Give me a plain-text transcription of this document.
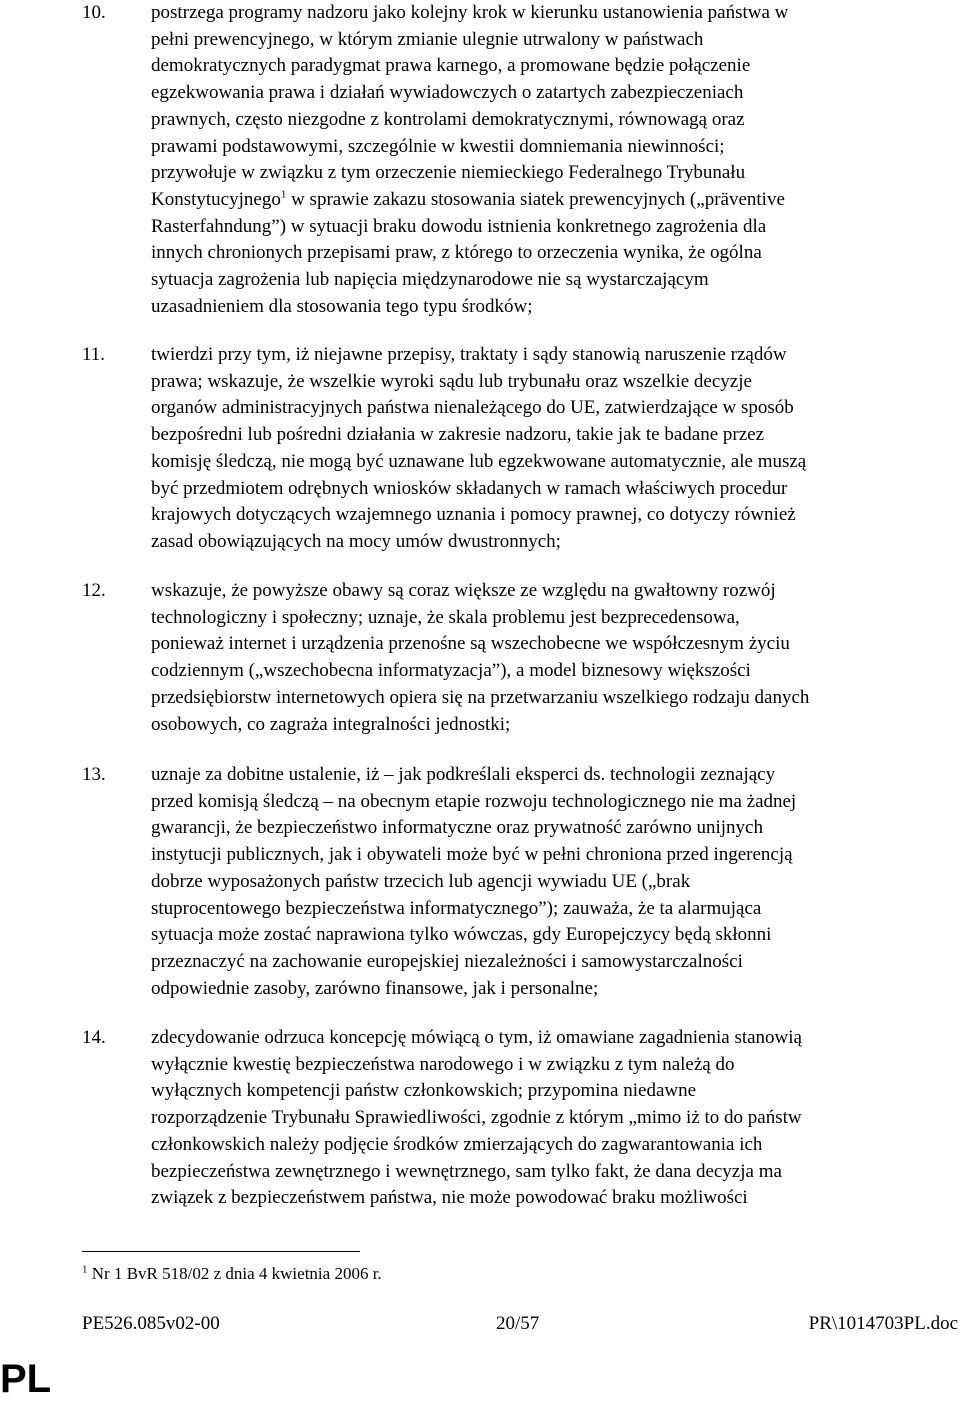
10. postrzega programy nadzoru jako kolejny krok w kierunku ustanowienia państwa w
pełni prewencyjnego, w którym zmianie ulegnie utrwalony w państwach
demokratycznych paradygmat prawa karnego, a promowane będzie połączenie
egzekwowania prawa i działań wywiadowczych o zatartych zabezpieczeniach
prawnych, często niezgodne z kontrolami demokratycznymi, równowagą oraz
prawami podstawowymi, szczególnie w kwestii domniemania niewinności;
przywołuje w związku z tym orzeczenie niemieckiego Federalnego Trybunału
Konstytucyjnego$^1$ w sprawie zakazu stosowania siatek prewencyjnych („präventive
Rasterfahndung”) w sytuacji braku dowodu istnienia konkretnego zagrożenia dla
innych chronionych przepisami praw, z którego to orzeczenia wynika, że ogólna
sytuacja zagrożenia lub napięcia międzynarodowe nie są wystarczającym
uzasadnieniem dla stosowania tego typu środków;
11. twierdzi przy tym, iż niejawne przepisy, traktaty i sądy stanowią naruszenie rządów
prawa; wskazuje, że wszelkie wyroki sądu lub trybunału oraz wszelkie decyzje
organów administracyjnych państwa nienależącego do UE, zatwierdzające w sposób
bezpośredni lub pośredni działania w zakresie nadzoru, takie jak te badane przez
komisję śledczą, nie mogą być uznawane lub egzekwowane automatycznie, ale muszą
być przedmiotem odrębnych wniosków składanych w ramach właściwych procedur
krajowych dotyczących wzajemnego uznania i pomocy prawnej, co dotyczy również
zasad obowiązujących na mocy umów dwustronnych;
12. wskazuje, że powyższe obawy są coraz większe ze względu na gwałtowny rozwój
technologiczny i społeczny; uznaje, że skala problemu jest bezprecedensowa,
ponieważ internet i urządzenia przenośne są wszechobecne we współczesnym życiu
codziennym („wszechobecna informatyzacja”), a model biznesowy większości
przedsiębiorstw internetowych opiera się na przetwarzaniu wszelkiego rodzaju danych
osobowych, co zagraża integralności jednostki;
13. uznaje za dobitne ustalenie, iż – jak podkreślali eksperci ds. technologii zeznający
przed komisją śledczą – na obecnym etapie rozwoju technologicznego nie ma żadnej
gwarancji, że bezpieczeństwo informatyczne oraz prywatność zarówno unijnych
instytucji publicznych, jak i obywateli może być w pełni chroniona przed ingerencją
dobrze wyposażonych państw trzecich lub agencji wywiadu UE („brak
stuprocentowego bezpieczeństwa informatycznego”); zauważa, że ta alarmująca
sytuacja może zostać naprawiona tylko wówczas, gdy Europejczycy będą skłonni
przeznaczyć na zachowanie europejskiej niezależności i samowystarczalności
odpowiednie zasoby, zarówno finansowe, jak i personalne;
14. zdecydowanie odrzuca koncepcję mówiącą o tym, iż omawiane zagadnienia stanowią
wyłącznie kwestię bezpieczeństwa narodowego i w związku z tym należą do
wyłącznych kompetencji państw członkowskich; przypomina niedawne
rozporządzenie Trybunału Sprawiedliwości, zgodnie z którym „mimo iż to do państw
członkowskich należy podjęcie środków zmierzających do zagwarantowania ich
bezpieczeństwa zewnętrznego i wewnętrznego, sam tylko fakt, że dana decyzja ma
związek z bezpieczeństwem państwa, nie może powodować braku możliwości
$^1$ Nr 1 BvR 518/02 z dnia 4 kwietnia 2006 r.
PE526.085v02-00	20/57	PR\1014703PL.doc
PL
